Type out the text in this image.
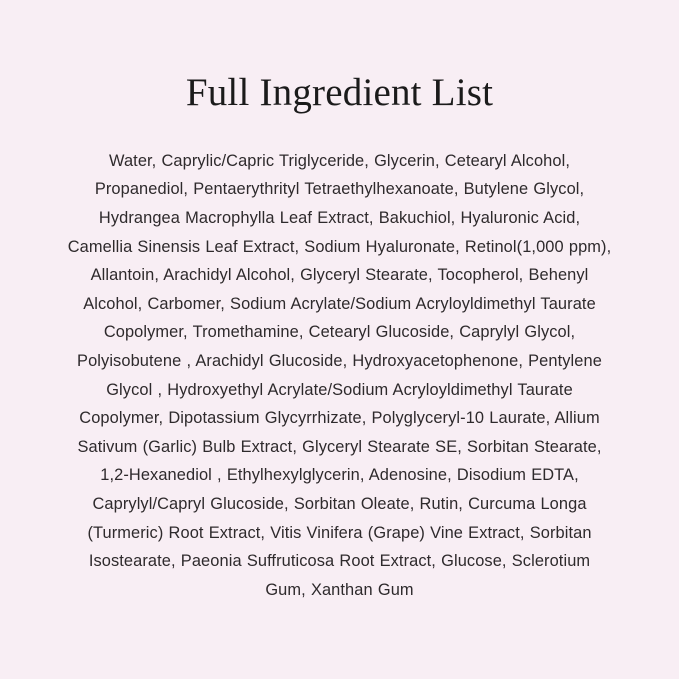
Full Ingredient List
Water, Caprylic/Capric Triglyceride, Glycerin, Cetearyl Alcohol, Propanediol, Pentaerythrityl Tetraethylhexanoate, Butylene Glycol, Hydrangea Macrophylla Leaf Extract, Bakuchiol, Hyaluronic Acid, Camellia Sinensis Leaf Extract, Sodium Hyaluronate, Retinol(1,000 ppm), Allantoin, Arachidyl Alcohol, Glyceryl Stearate, Tocopherol, Behenyl Alcohol, Carbomer, Sodium Acrylate/Sodium Acryloyldimethyl Taurate Copolymer, Tromethamine, Cetearyl Glucoside, Caprylyl Glycol, Polyisobutene , Arachidyl Glucoside, Hydroxyacetophenone, Pentylene Glycol , Hydroxyethyl Acrylate/Sodium Acryloyldimethyl Taurate Copolymer, Dipotassium Glycyrrhizate, Polyglyceryl-10 Laurate, Allium Sativum (Garlic) Bulb Extract, Glyceryl Stearate SE, Sorbitan Stearate, 1,2-Hexanediol , Ethylhexylglycerin, Adenosine, Disodium EDTA, Caprylyl/Capryl Glucoside, Sorbitan Oleate, Rutin, Curcuma Longa (Turmeric) Root Extract, Vitis Vinifera (Grape) Vine Extract, Sorbitan Isostearate, Paeonia Suffruticosa Root Extract, Glucose, Sclerotium Gum, Xanthan Gum
